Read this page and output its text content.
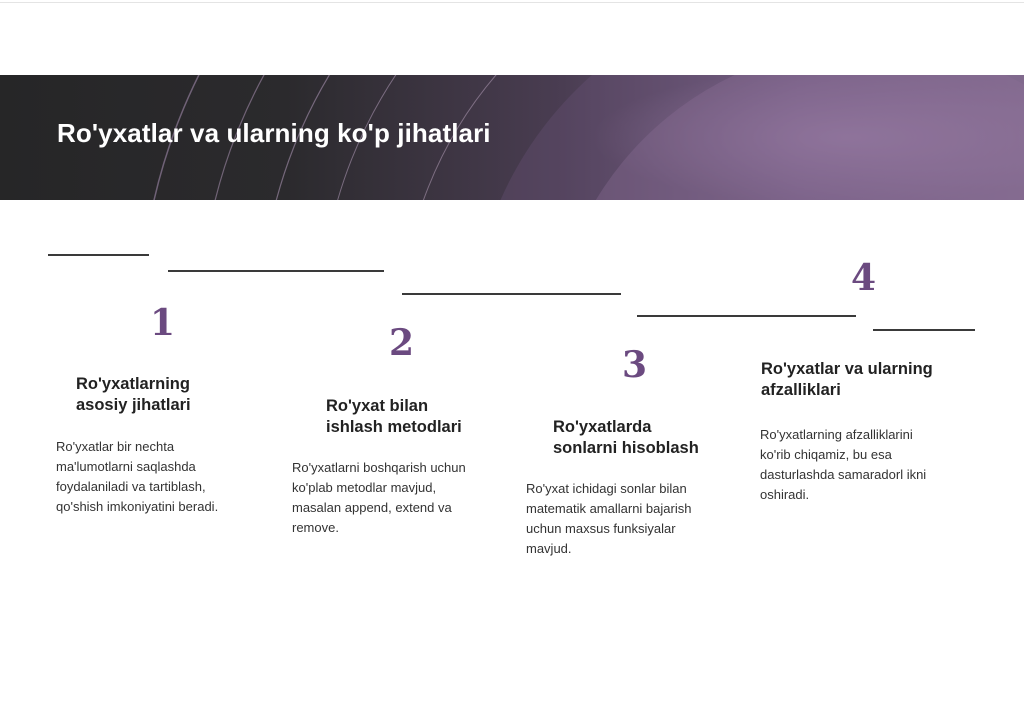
Ro'yxatlar va ularning ko'p jihatlari
1
Ro'yxatlarning
asosiy jihatlari
Ro'yxatlar bir nechta
ma'lumotlarni saqlashda
foydalaniladi va tartiblash,
qo'shish imkoniyatini beradi.
2
Ro'yxat bilan
ishlash metodlari
Ro'yxatlarni boshqarish uchun
ko'plab metodlar mavjud,
masalan append, extend va
remove.
3
Ro'yxatlarda
sonlarni hisoblash
Ro'yxat ichidagi sonlar bilan
matematik amallarni bajarish
uchun maxsus funksiyalar
mavjud.
4
Ro'yxatlar va ularning
afzalliklari
Ro'yxatlarning afzalliklarini
ko'rib chiqamiz, bu esa
dasturlashda samaradorl ikni
oshiradi.
